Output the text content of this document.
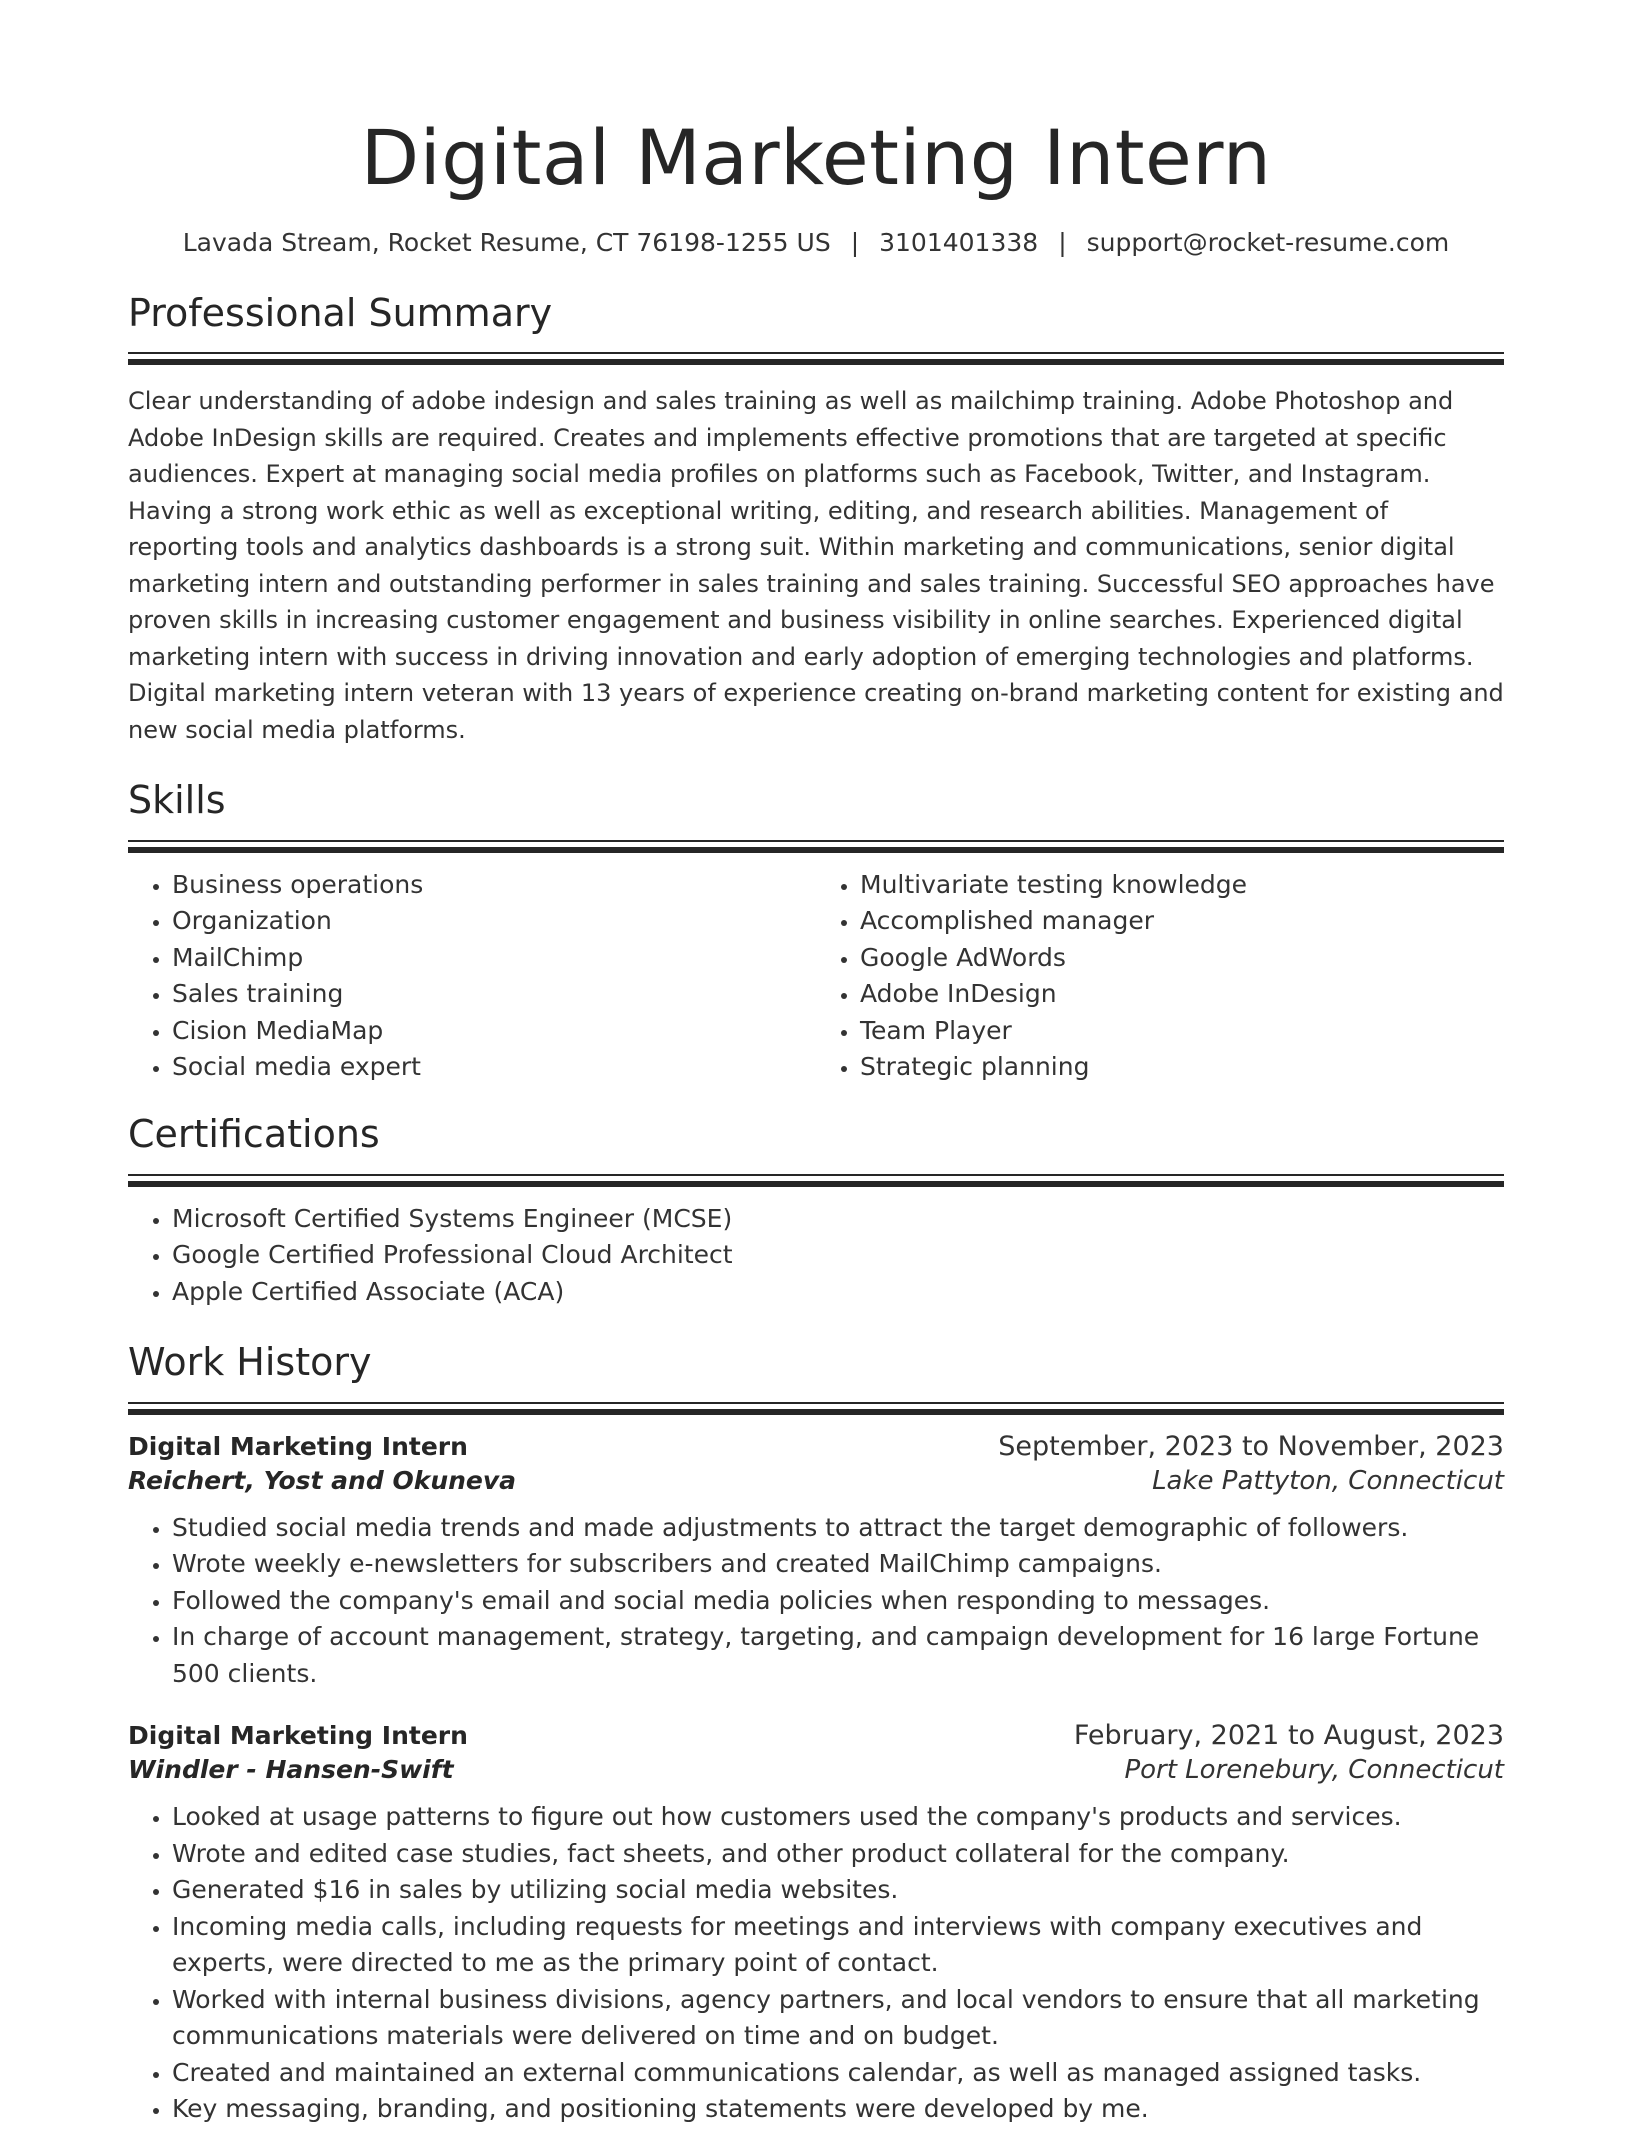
Digital Marketing Intern
Lavada Stream, Rocket Resume, CT 76198-1255 US | 3101401338 | support@rocket-resume.com
Professional Summary

Clear understanding of adobe indesign and sales training as well as mailchimp training. Adobe Photoshop and Adobe InDesign skills are required. Creates and implements effective promotions that are targeted at specific audiences. Expert at managing social media profiles on platforms such as Facebook, Twitter, and Instagram. Having a strong work ethic as well as exceptional writing, editing, and research abilities. Management of reporting tools and analytics dashboards is a strong suit. Within marketing and communications, senior digital marketing intern and outstanding performer in sales training and sales training. Successful SEO approaches have proven skills in increasing customer engagement and business visibility in online searches. Experienced digital marketing intern with success in driving innovation and early adoption of emerging technologies and platforms. Digital marketing intern veteran with 13 years of experience creating on-brand marketing content for existing and new social media platforms.

Skills
• Business operations
• Organization
• MailChimp
• Sales training
• Cision MediaMap
• Social media expert
• Multivariate testing knowledge
• Accomplished manager
• Google AdWords
• Adobe InDesign
• Team Player
• Strategic planning
Certifications
• Microsoft Certified Systems Engineer (MCSE)
• Google Certified Professional Cloud Architect
• Apple Certified Associate (ACA)
Work History
Digital Marketing Intern	September, 2023 to November, 2023
Reichert, Yost and Okuneva	Lake Pattyton, Connecticut
• Studied social media trends and made adjustments to attract the target demographic of followers.
• Wrote weekly e-newsletters for subscribers and created MailChimp campaigns.
• Followed the company's email and social media policies when responding to messages.
• In charge of account management, strategy, targeting, and campaign development for 16 large Fortune 500 clients.
Digital Marketing Intern	February, 2021 to August, 2023
Windler - Hansen-Swift	Port Lorenebury, Connecticut
• Looked at usage patterns to figure out how customers used the company's products and services.
• Wrote and edited case studies, fact sheets, and other product collateral for the company.
• Generated $16 in sales by utilizing social media websites.
• Incoming media calls, including requests for meetings and interviews with company executives and experts, were directed to me as the primary point of contact.
• Worked with internal business divisions, agency partners, and local vendors to ensure that all marketing communications materials were delivered on time and on budget.
• Created and maintained an external communications calendar, as well as managed assigned tasks.
• Key messaging, branding, and positioning statements were developed by me.
